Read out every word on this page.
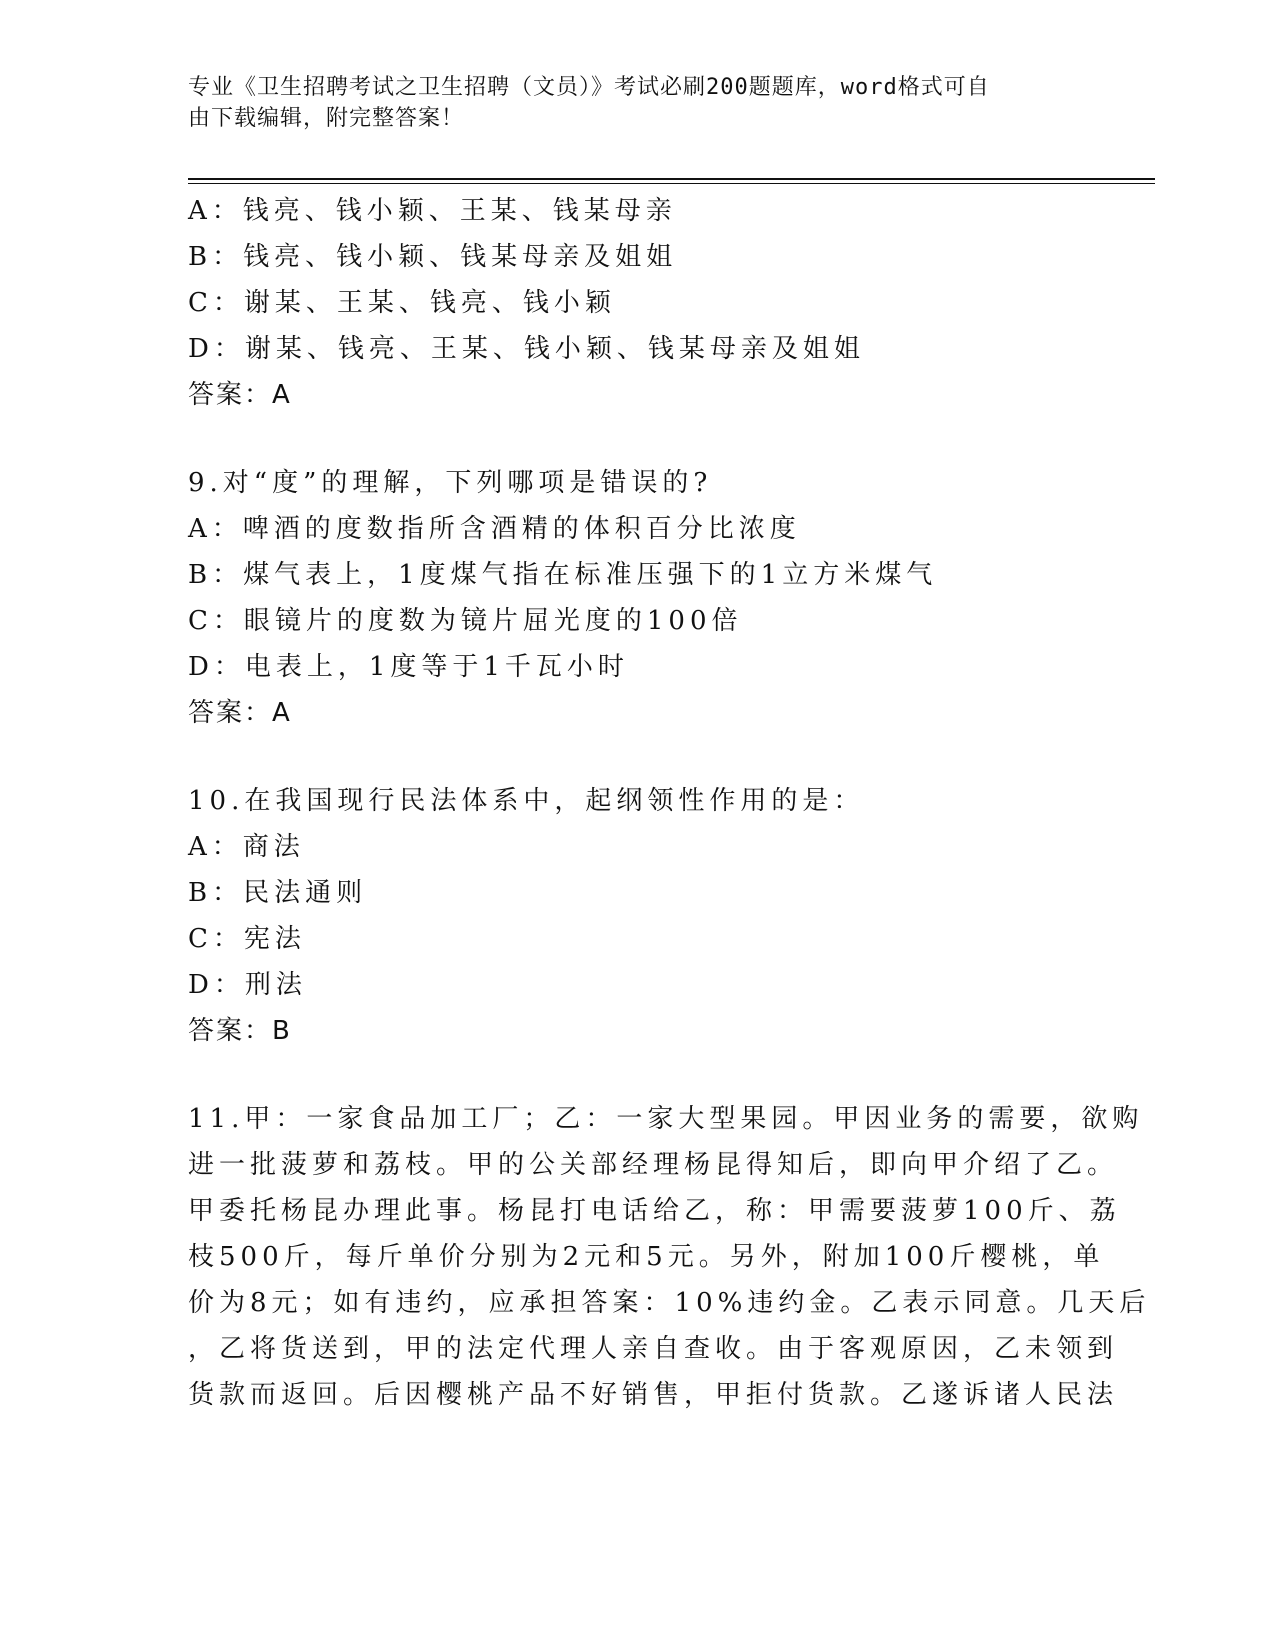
专业《卫生招聘考试之卫生招聘（文员）》考试必刷200题题库，word格式可自
由下载编辑，附完整答案！
A：钱亮、钱小颖、王某、钱某母亲
B：钱亮、钱小颖、钱某母亲及姐姐
C：谢某、王某、钱亮、钱小颖
D：谢某、钱亮、王某、钱小颖、钱某母亲及姐姐
答案：A
9.对“度”的理解，下列哪项是错误的?
A：啤酒的度数指所含酒精的体积百分比浓度
B：煤气表上，1度煤气指在标准压强下的1立方米煤气
C：眼镜片的度数为镜片屈光度的100倍
D：电表上，1度等于1千瓦小时
答案：A
10.在我国现行民法体系中，起纲领性作用的是：
A：商法
B：民法通则
C：宪法
D：刑法
答案：B
11.甲：一家食品加工厂；乙：一家大型果园。甲因业务的需要，欲购
进一批菠萝和荔枝。甲的公关部经理杨昆得知后，即向甲介绍了乙。
甲委托杨昆办理此事。杨昆打电话给乙，称：甲需要菠萝100斤、荔
枝500斤，每斤单价分别为2元和5元。另外，附加100斤樱桃，单
价为8元；如有违约，应承担答案：10%违约金。乙表示同意。几天后
，乙将货送到，甲的法定代理人亲自查收。由于客观原因，乙未领到
货款而返回。后因樱桃产品不好销售，甲拒付货款。乙遂诉诸人民法
